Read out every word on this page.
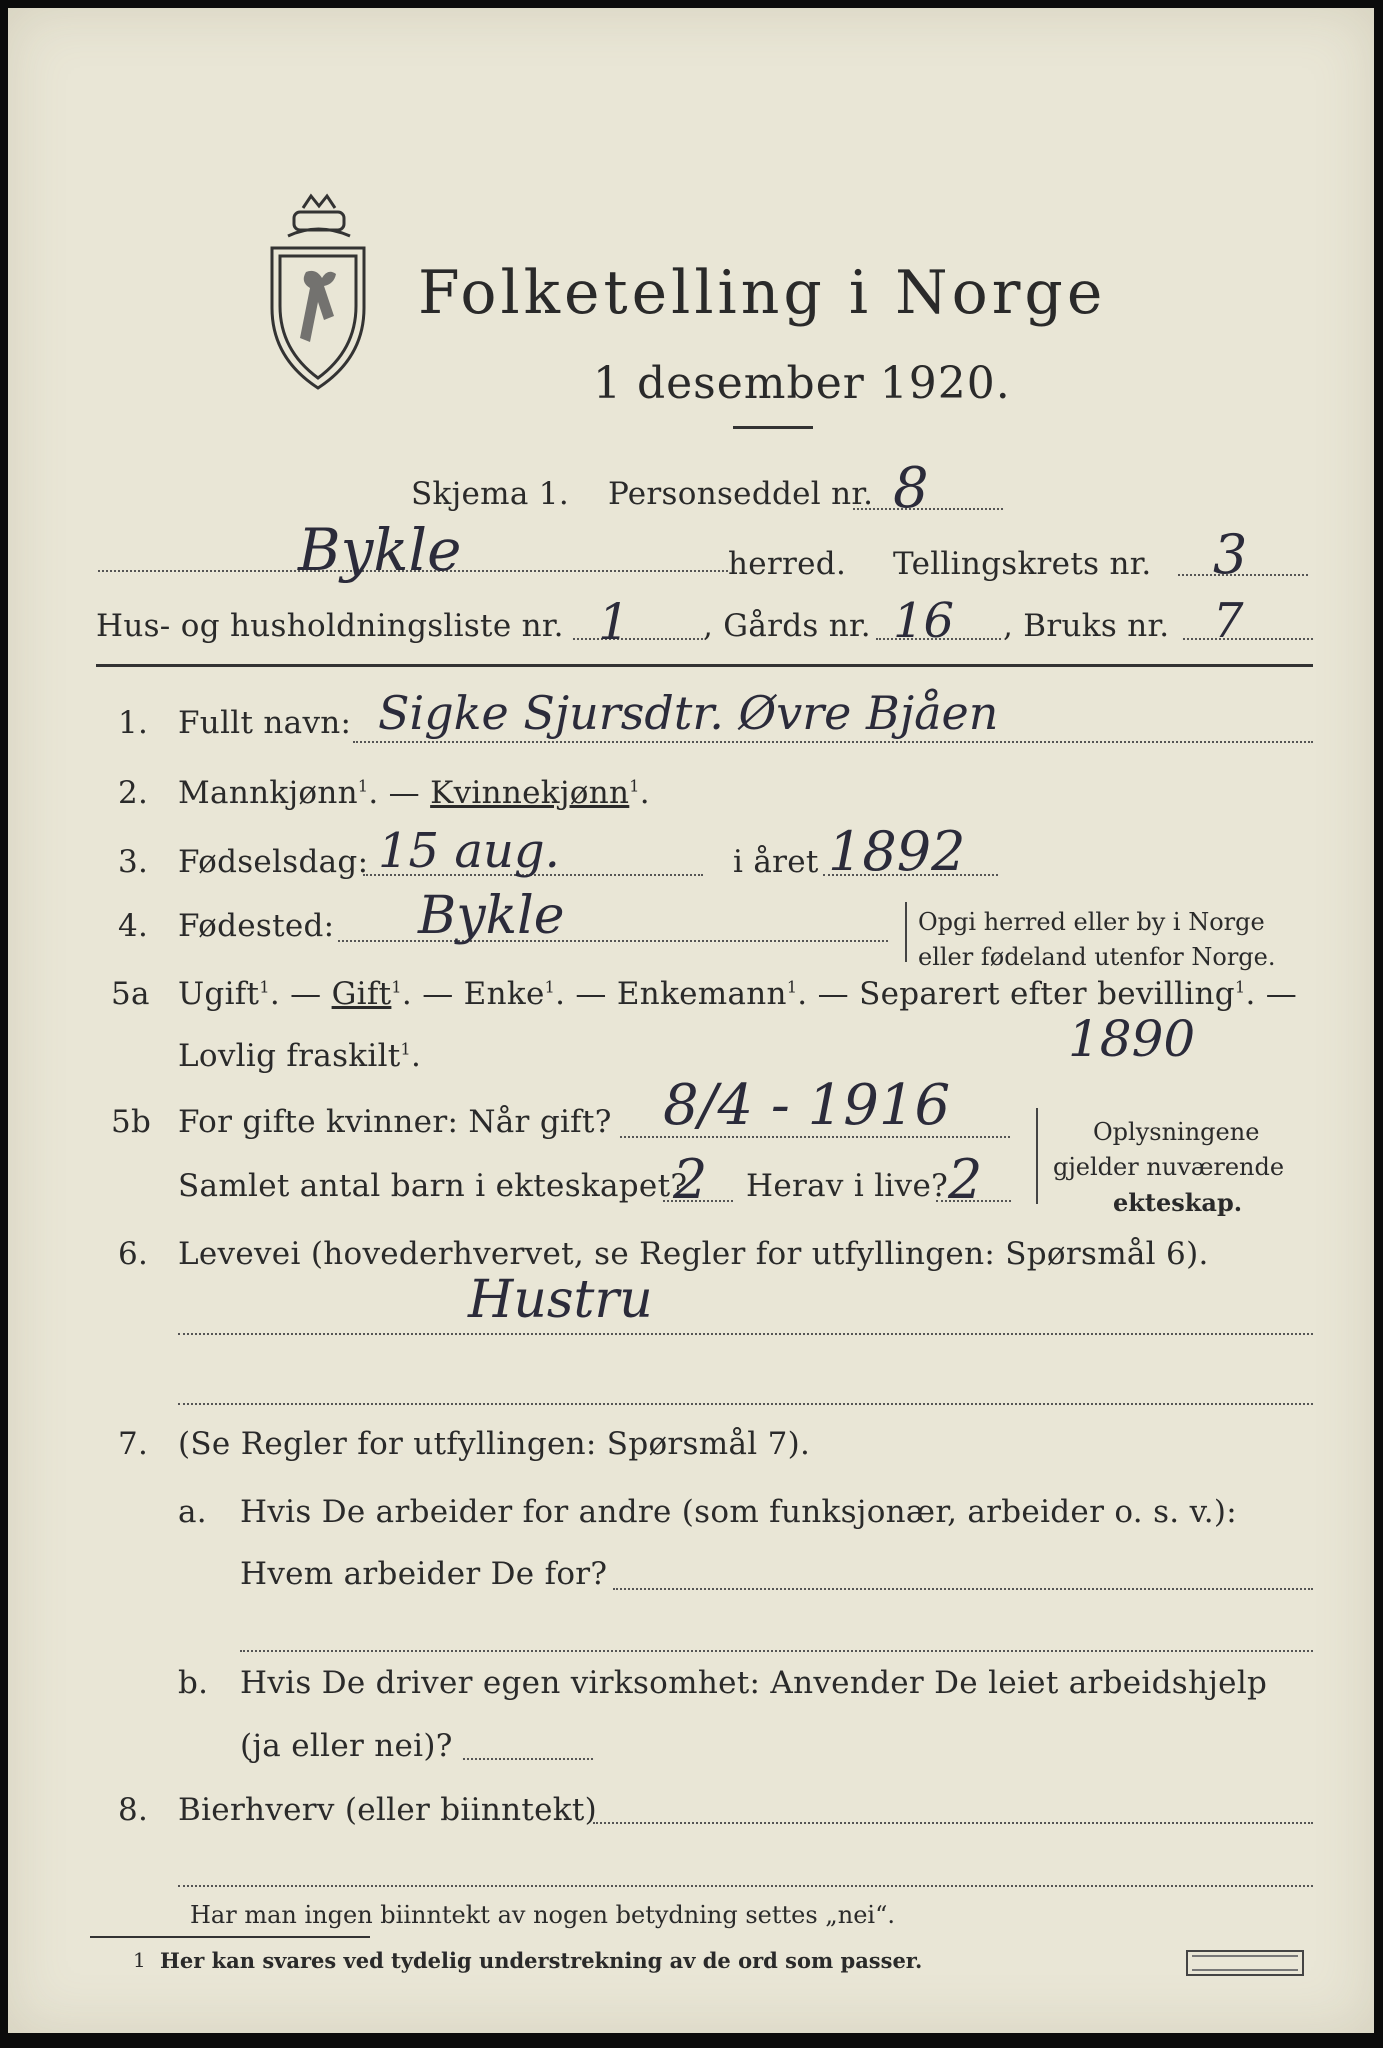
Folketelling i Norge
1 desember 1920.
Skjema 1. Personseddel nr. 8
Bykle	herred. Tellingskrets nr. 3
Hus- og husholdningsliste nr. 1 , Gårds nr. 16 , Bruks nr. 7
1. Fullt navn: Sigke Sjursdtr. Øvre Bjåen
2. Mannkjønn$^1$. — Kvinnekjønn$^1$.
3. Fødselsdag: 15 aug.	i året 1892
4. Fødested: Bykle	Opgi herred eller by i Norge
eller fødeland utenfor Norge.
5a Ugift$^1$. — Gift$^1$. — Enke$^1$. — Enkemann$^1$. — Separert efter bevilling$^1$. —
Lovlig fraskilt$^1$.	1890
5b For gifte kvinner: Når gift? 8/4 - 1916
Samlet antal barn i ekteskapet?
2 Herav i live? 2
Oplysningene
gjelder nuværende
ekteskap.
6. Levevei (hovederhvervet, se Regler for utfyllingen: Spørsmål 6).
Hustru
7. (Se Regler for utfyllingen: Spørsmål 7).
a. Hvis De arbeider for andre (som funksjonær, arbeider o. s. v.):
Hvem arbeider De for?
b. Hvis De driver egen virksomhet: Anvender De leiet arbeidshjelp
(ja eller nei)?
8. Bierhverv (eller biinntekt)
Har man ingen biinntekt av nogen betydning settes „nei“.
1 Her kan svares ved tydelig understrekning av de ord som passer.
